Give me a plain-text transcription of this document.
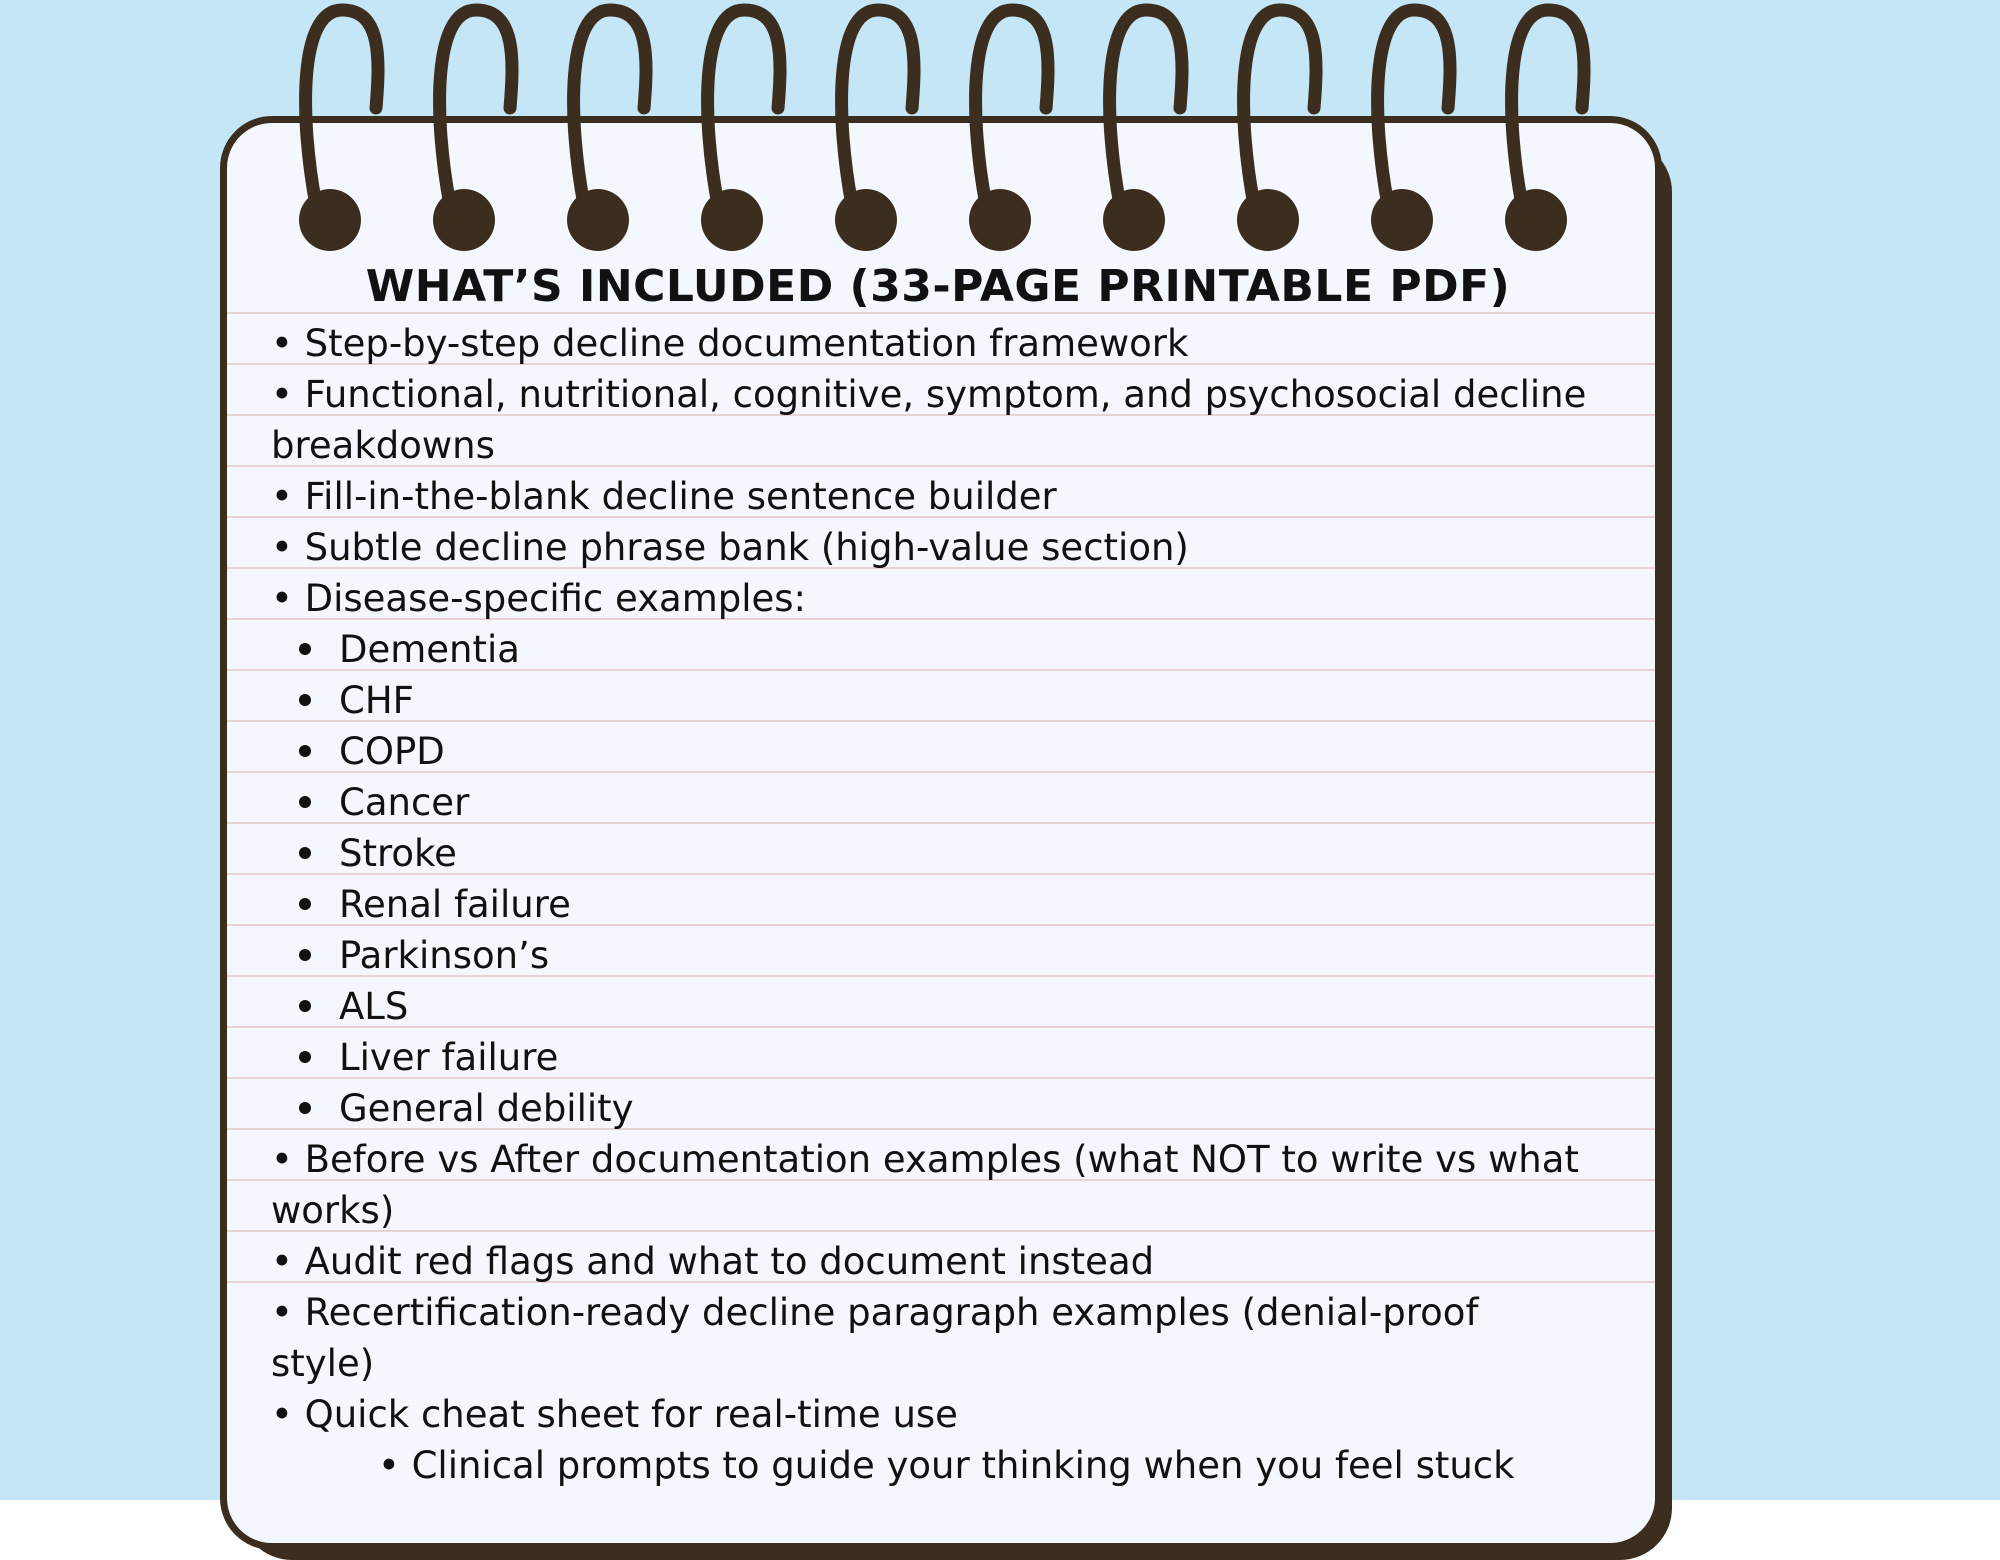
WHAT’S INCLUDED (33-PAGE PRINTABLE PDF)
• Step-by-step decline documentation framework
• Functional, nutritional, cognitive, symptom, and psychosocial decline
breakdowns
• Fill-in-the-blank decline sentence builder
• Subtle decline phrase bank (high-value section)
• Disease-specific examples:
Dementia
CHF
COPD
Cancer
Stroke
Renal failure
Parkinson’s
ALS
Liver failure
General debility
• Before vs After documentation examples (what NOT to write vs what
works)
• Audit red flags and what to document instead
• Recertification-ready decline paragraph examples (denial-proof
style)
• Quick cheat sheet for real-time use
• Clinical prompts to guide your thinking when you feel stuck
